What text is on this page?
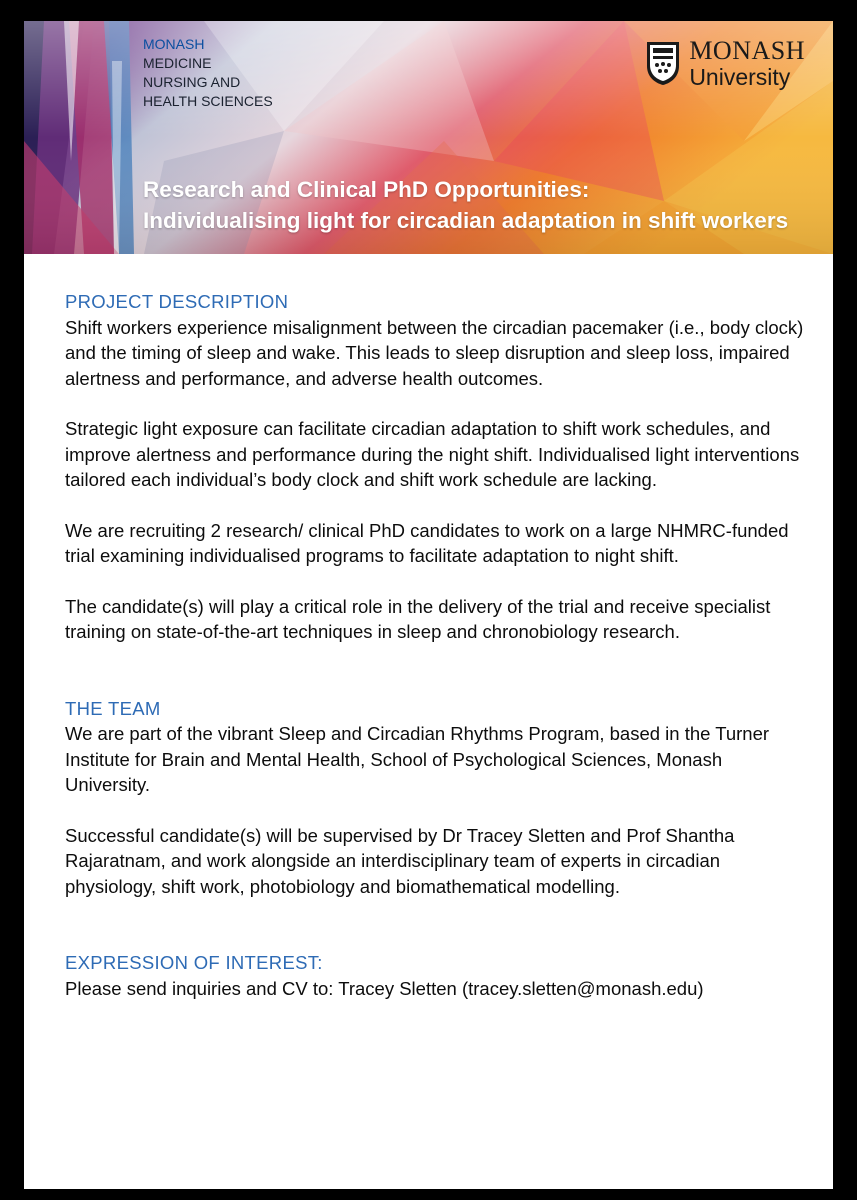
MONASH
MEDICINE
NURSING AND
HEALTH SCIENCES
MONASH
University
Research and Clinical PhD Opportunities:
Individualising light for circadian adaptation in shift workers
PROJECT DESCRIPTION

Shift workers experience misalignment between the circadian pacemaker (i.e., body clock) and the timing of sleep and wake. This leads to sleep disruption and sleep loss, impaired alertness and performance, and adverse health outcomes.

Strategic light exposure can facilitate circadian adaptation to shift work schedules, and improve alertness and performance during the night shift. Individualised light interventions tailored each individual’s body clock and shift work schedule are lacking.

We are recruiting 2 research/ clinical PhD candidates to work on a large NHMRC-funded trial examining individualised programs to facilitate adaptation to night shift.

The candidate(s) will play a critical role in the delivery of the trial and receive specialist training on state-of-the-art techniques in sleep and chronobiology research.

THE TEAM

We are part of the vibrant Sleep and Circadian Rhythms Program, based in the Turner Institute for Brain and Mental Health, School of Psychological Sciences, Monash University.

Successful candidate(s) will be supervised by Dr Tracey Sletten and Prof Shantha Rajaratnam, and work alongside an interdisciplinary team of experts in circadian physiology, shift work, photobiology and biomathematical modelling.

EXPRESSION OF INTEREST:

Please send inquiries and CV to: Tracey Sletten (tracey.sletten@monash.edu)
